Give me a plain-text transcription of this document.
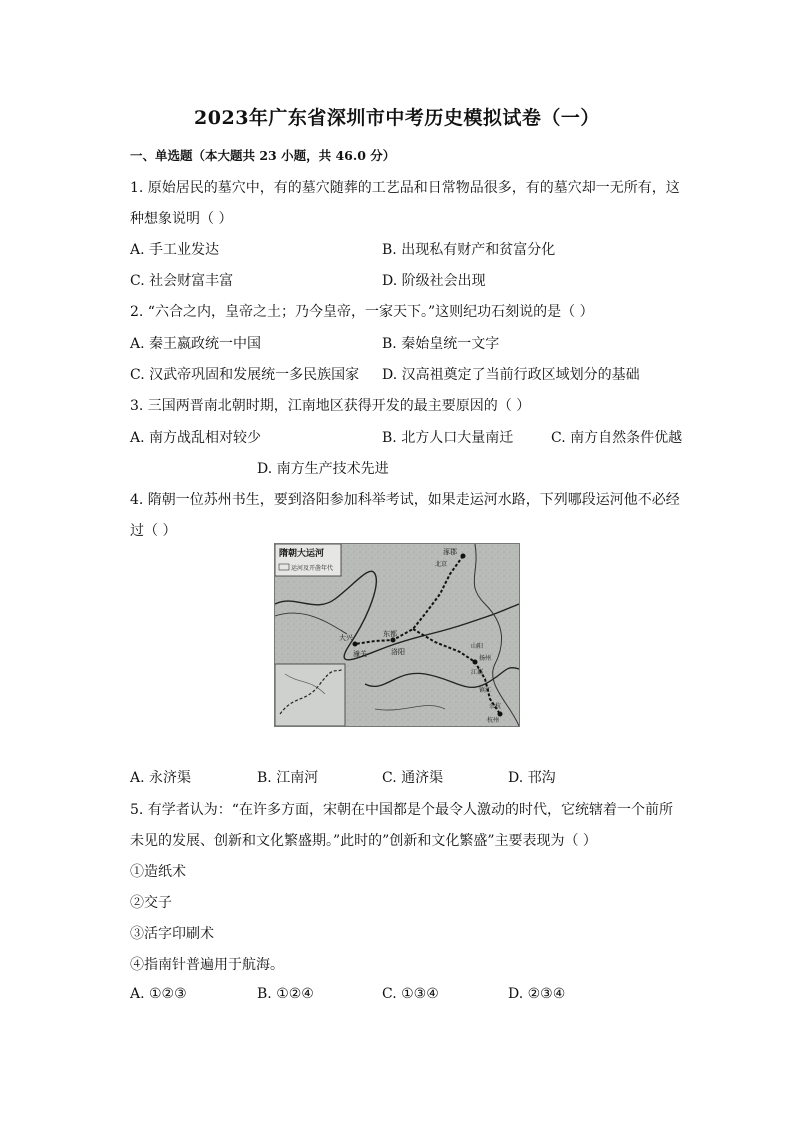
2023年广东省深圳市中考历史模拟试卷（一）
一、单选题（本大题共 23 小题，共 46.0 分）
1. 原始居民的墓穴中，有的墓穴随葬的工艺品和日常物品很多，有的墓穴却一无所有，这
种想象说明（ ）
A. 手工业发达	B. 出现私有财产和贫富分化
C. 社会财富丰富	D. 阶级社会出现
2. “六合之内，皇帝之土；乃今皇帝，一家天下。”这则纪功石刻说的是（ ）
A. 秦王嬴政统一中国	B. 秦始皇统一文字
C. 汉武帝巩固和发展统一多民族国家 D. 汉高祖奠定了当前行政区域划分的基础
3. 三国两晋南北朝时期，江南地区获得开发的最主要原因的（ ）
A. 南方战乱相对较少	B. 北方人口大量南迁	C. 南方自然条件优越
D. 南方生产技术先进
4. 隋朝一位苏州书生，要到洛阳参加科举考试，如果走运河水路，下列哪段运河他不必经
过（ ）
隋朝大运河
运河及开凿年代
涿郡
北京
大兴
洛阳
东都
潼关
扬州
江都
杭州
余杭
山阳
镇江
A. 永济渠	B. 江南河	C. 通济渠	D. 邗沟
5. 有学者认为：“在许多方面，宋朝在中国都是个最令人激动的时代，它统辖着一个前所
未见的发展、创新和文化繁盛期。”此时的”创新和文化繁盛”主要表现为（ ）
①造纸术
②交子
③活字印刷术
④指南针普遍用于航海。
A. ①②③	B. ①②④	C. ①③④	D. ②③④
